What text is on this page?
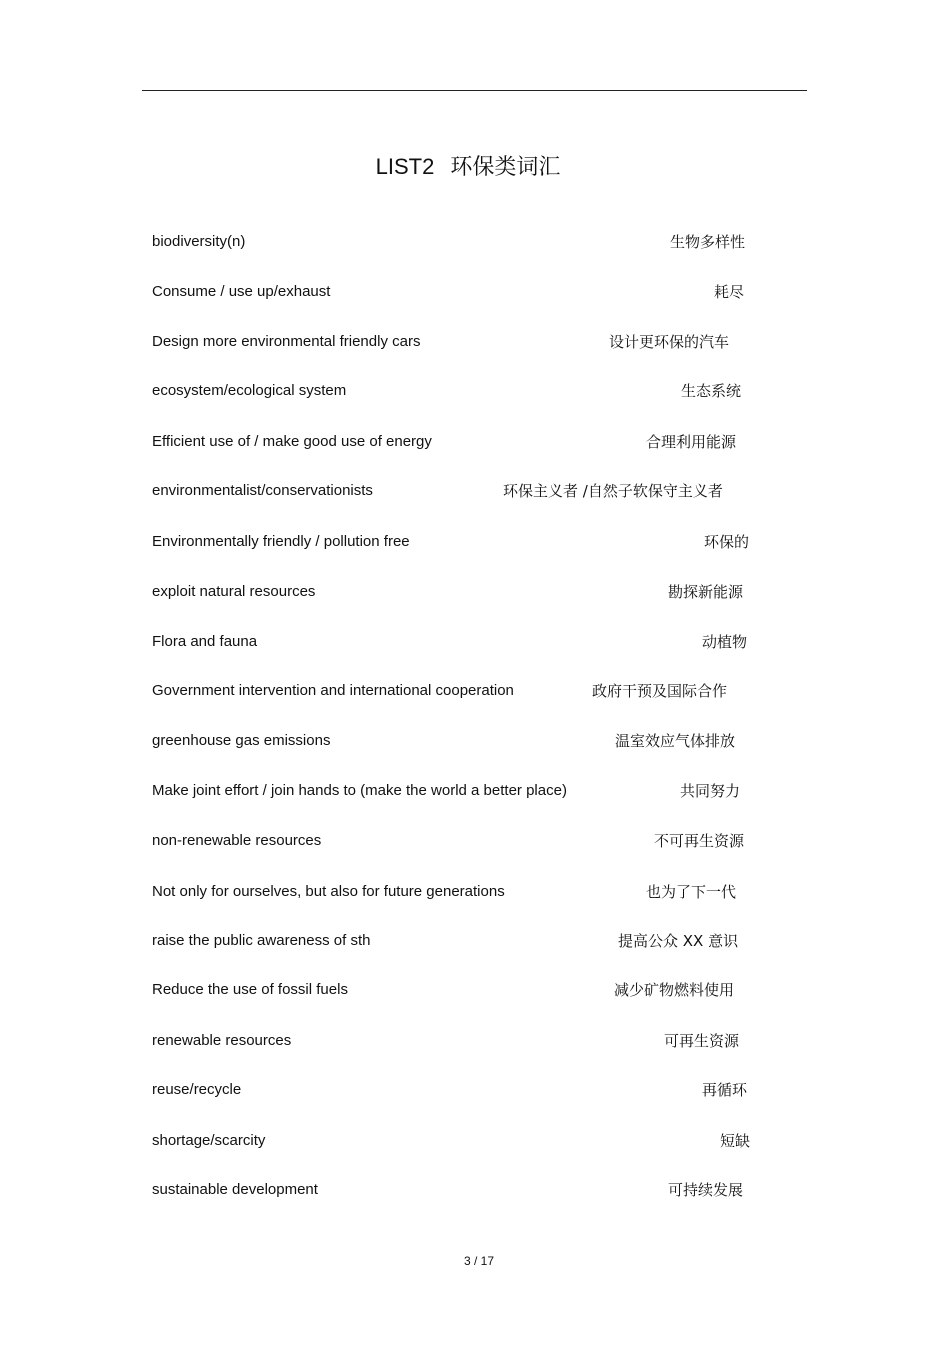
LIST2 环保类词汇
biodiversity(n)	生物多样性
Consume / use up/exhaust	耗尽
Design more environmental friendly cars	设计更环保的汽车
ecosystem/ecological system	生态系统
Efficient use of / make good use of energy	合理利用能源
environmentalist/conservationists	环保主义者 /自然子软保守主义者
Environmentally friendly / pollution free	环保的
exploit natural resources	勘探新能源
Flora and fauna	动植物
Government intervention and international cooperation	政府干预及国际合作
greenhouse gas emissions	温室效应气体排放
Make joint effort / join hands to (make the world a better place)	共同努力
non-renewable resources	不可再生资源
Not only for ourselves, but also for future generations	也为了下一代
raise the public awareness of sth	提高公众 XX 意识
Reduce the use of fossil fuels	减少矿物燃料使用
renewable resources	可再生资源
reuse/recycle	再循环
shortage/scarcity	短缺
sustainable development	可持续发展
3 / 17
